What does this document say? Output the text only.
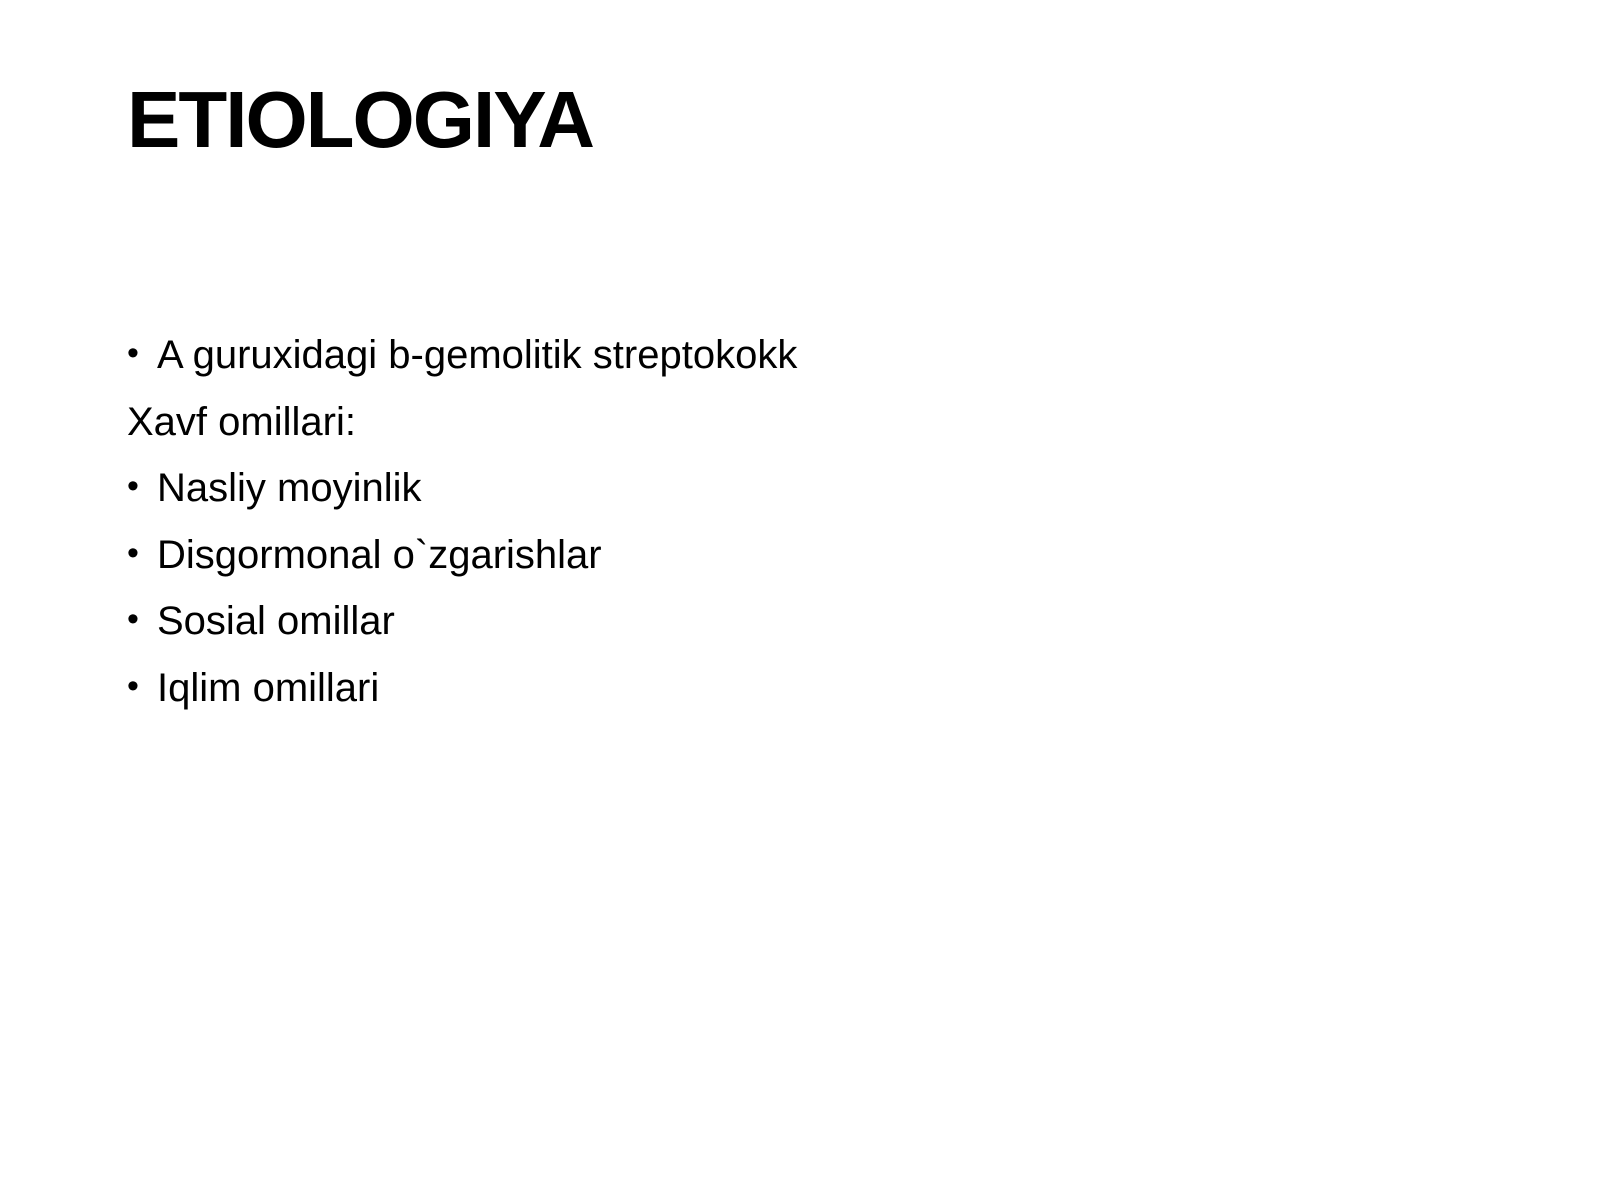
ETIOLOGIYA
• A guruxidagi b-gemolitik streptokokk
Xavf omillari:
• Nasliy moyinlik
• Disgormonal o`zgarishlar
• Sosial omillar
• Iqlim omillari
